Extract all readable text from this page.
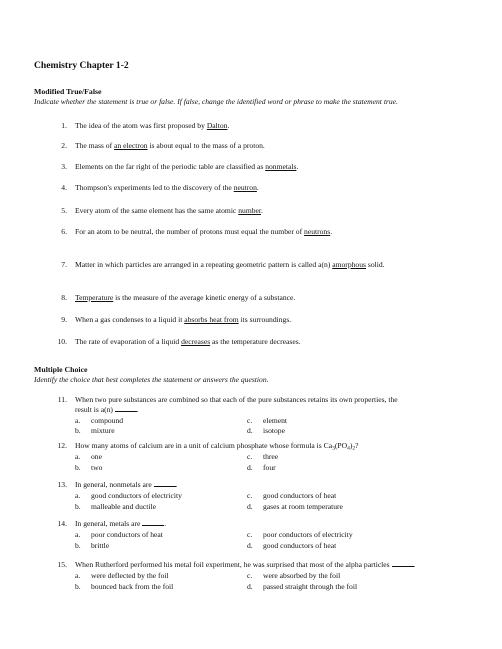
Chemistry Chapter 1-2
Modified True/False
Indicate whether the statement is true or false. If false, change the identified word or phrase to make the statement true.
1. The idea of the atom was first proposed by Dalton.
2. The mass of an electron is about equal to the mass of a proton.
3. Elements on the far right of the periodic table are classified as nonmetals.
4. Thompson's experiments led to the discovery of the neutron.
5. Every atom of the same element has the same atomic number.
6. For an atom to be neutral, the number of protons must equal the number of neutrons.
7. Matter in which particles are arranged in a repeating geometric pattern is called a(n) amorphous solid.
8. Temperature is the measure of the average kinetic energy of a substance.
9. When a gas condenses to a liquid it absorbs heat from its surroundings.
10. The rate of evaporation of a liquid decreases as the temperature decreases.
Multiple Choice
Identify the choice that best completes the statement or answers the question.
11. When two pure substances are combined so that each of the pure substances retains its own properties, the
result is a(n)	.
a. compound
b. mixture
c. element
d. isotope
12. How many atoms of calcium are in a unit of calcium phosphate whose formula is $Ca_3(PO_4)_2$?
a. one
b. two
c. three
d. four
13. In general, nonmetals are	.
a. good conductors of electricity
b. malleable and ductile
c. good conductors of heat
d. gases at room temperature
14. In general, metals are	.
a. poor conductors of heat
b. brittle
c. poor conductors of electricity
d. good conductors of heat
15. When Rutherford performed his metal foil experiment, he was surprised that most of the alpha particles	.
a. were deflected by the foil
b. bounced back from the foil
c. were absorbed by the foil
d. passed straight through the foil
